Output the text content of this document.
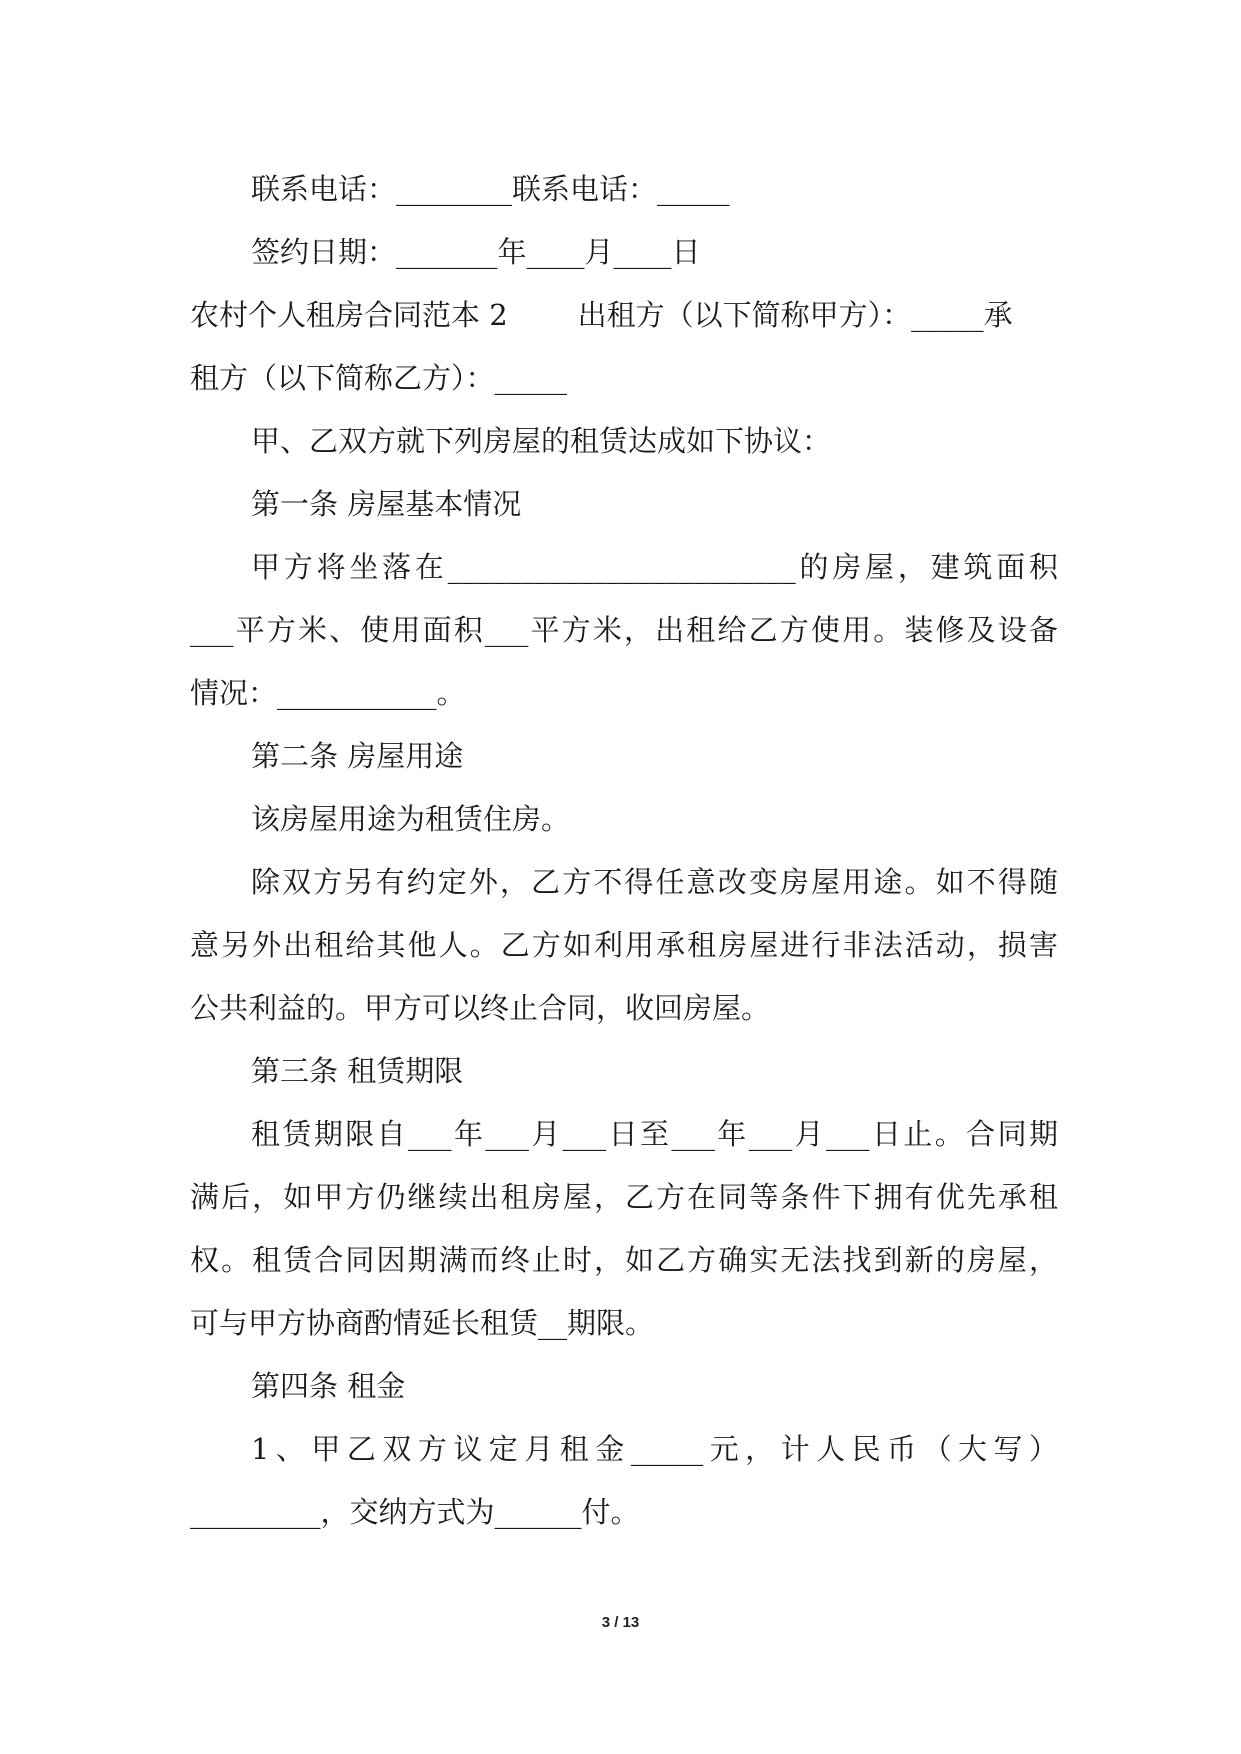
联系电话：________联系电话：_____
签约日期：_______年____月____日
农村个人租房合同范本 2 出租方（以下简称甲方）：_____承
租方（以下简称乙方）：_____
甲、乙双方就下列房屋的租赁达成如下协议：
第一条 房屋基本情况
甲方将坐落在________________________的房屋，建筑面积
___平方米、使用面积___平方米，出租给乙方使用。装修及设备
情况：___________。
第二条 房屋用途
该房屋用途为租赁住房。
除双方另有约定外，乙方不得任意改变房屋用途。如不得随
意另外出租给其他人。乙方如利用承租房屋进行非法活动，损害
公共利益的。甲方可以终止合同，收回房屋。
第三条 租赁期限
租赁期限自___年___月___日至___年___月___日止。合同期
满后，如甲方仍继续出租房屋，乙方在同等条件下拥有优先承租
权。租赁合同因期满而终止时，如乙方确实无法找到新的房屋，
可与甲方协商酌情延长租赁__期限。
第四条 租金
1、甲乙双方议定月租金_____元，计人民币（大写）
_________，交纳方式为______付。
3 / 13
